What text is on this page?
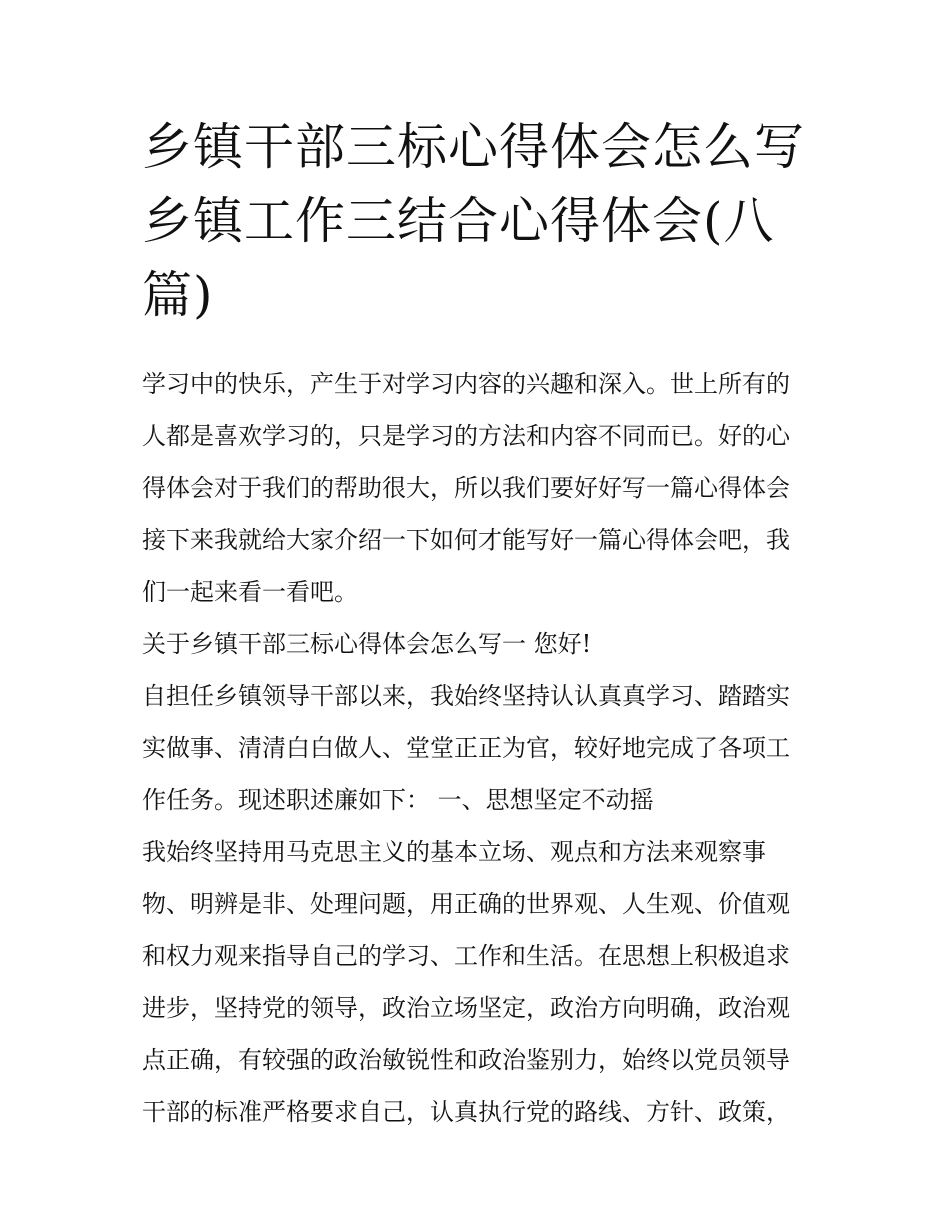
乡镇干部三标心得体会怎么写
乡镇工作三结合心得体会(八
篇)

学习中的快乐，产生于对学习内容的兴趣和深入。世上所有的
人都是喜欢学习的，只是学习的方法和内容不同而已。好的心
得体会对于我们的帮助很大，所以我们要好好写一篇心得体会
接下来我就给大家介绍一下如何才能写好一篇心得体会吧，我
们一起来看一看吧。

关于乡镇干部三标心得体会怎么写一 您好!

自担任乡镇领导干部以来，我始终坚持认认真真学习、踏踏实
实做事、清清白白做人、堂堂正正为官，较好地完成了各项工
作任务。现述职述廉如下： 一、思想坚定不动摇

我始终坚持用马克思主义的基本立场、观点和方法来观察事
物、明辨是非、处理问题，用正确的世界观、人生观、价值观
和权力观来指导自己的学习、工作和生活。在思想上积极追求
进步，坚持党的领导，政治立场坚定，政治方向明确，政治观
点正确，有较强的政治敏锐性和政治鉴别力，始终以党员领导
干部的标准严格要求自己，认真执行党的路线、方针、政策，
